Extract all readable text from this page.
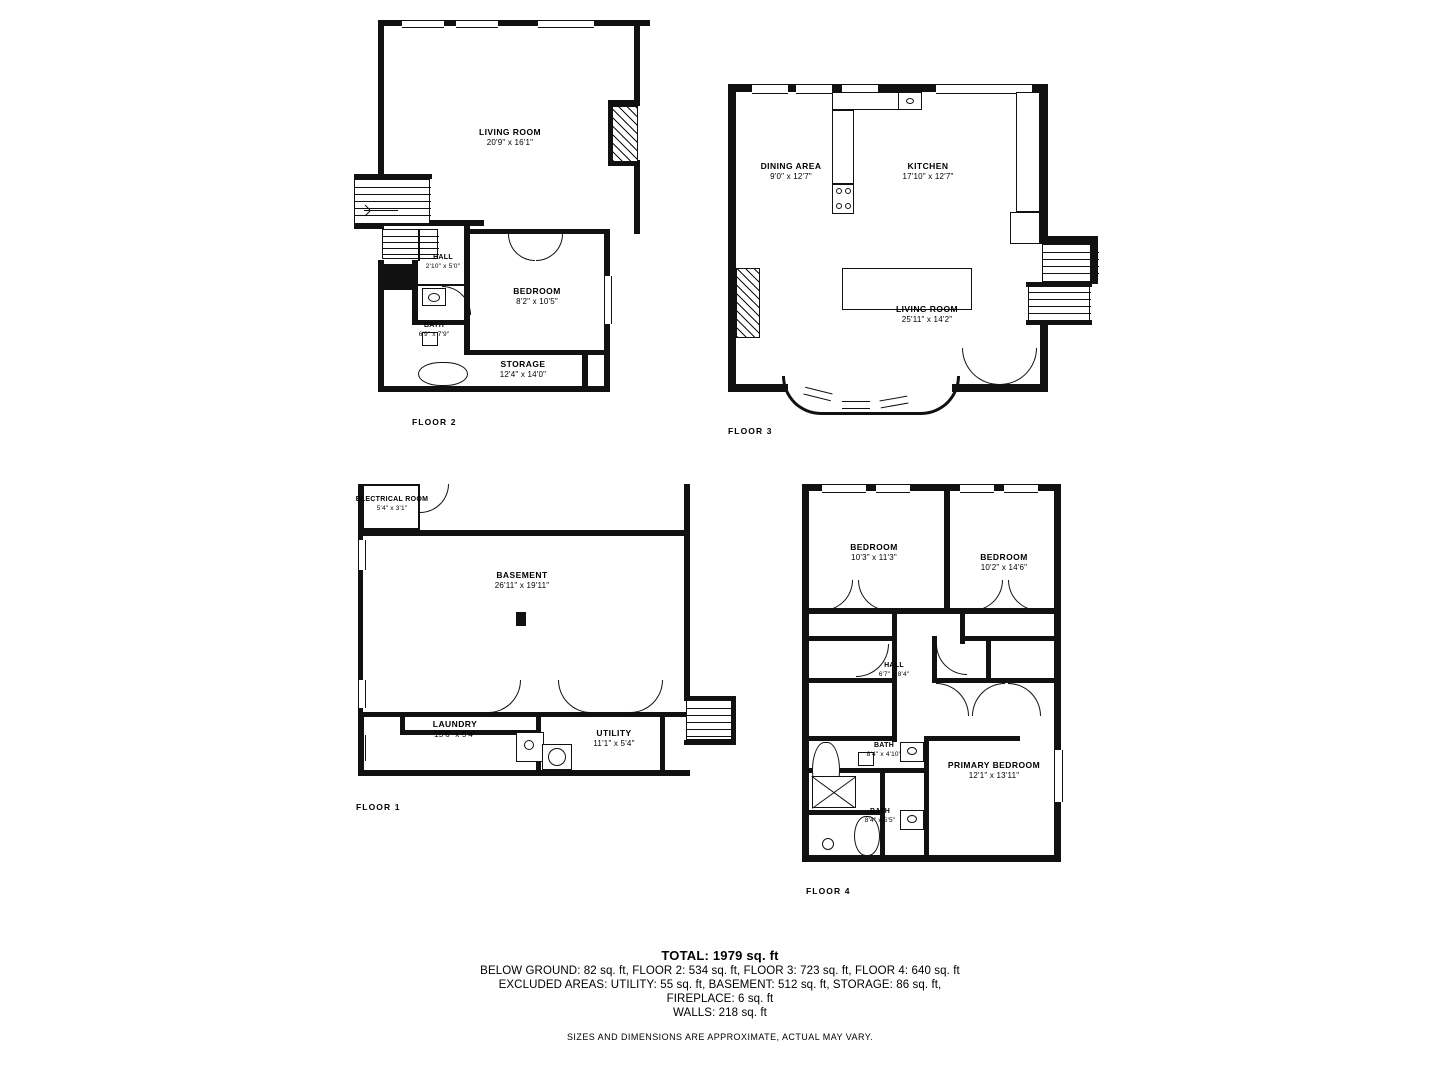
LIVING ROOM
20'9" x 16'1"
HALL
2'10" x 5'0"
BEDROOM
8'2" x 10'5"
BATH
6'9" x 7'9"
STORAGE
12'4" x 14'0"
FLOOR 2
DINING AREA
9'0" x 12'7"
KITCHEN
17'10" x 12'7"
LIVING ROOM
25'11" x 14'2"
FLOOR 3
ELECTRICAL ROOM
5'4" x 3'1"
BASEMENT
26'11" x 19'11"
LAUNDRY
15'6" x 5'4"	UTILITY
11'1" x 5'4"
FLOOR 1
BEDROOM
10'3" x 11'3"	BEDROOM
10'2" x 14'6"
HALL
6'7" x 8'4"
BATH
8'4" x 4'10"
PRIMARY BEDROOM
12'1" x 13'11"
BATH
8'4" x 5'5"
FLOOR 4
TOTAL: 1979 sq. ft
BELOW GROUND: 82 sq. ft, FLOOR 2: 534 sq. ft, FLOOR 3: 723 sq. ft, FLOOR 4: 640 sq. ft
EXCLUDED AREAS: UTILITY: 55 sq. ft, BASEMENT: 512 sq. ft, STORAGE: 86 sq. ft,
FIREPLACE: 6 sq. ft
WALLS: 218 sq. ft
SIZES AND DIMENSIONS ARE APPROXIMATE, ACTUAL MAY VARY.
